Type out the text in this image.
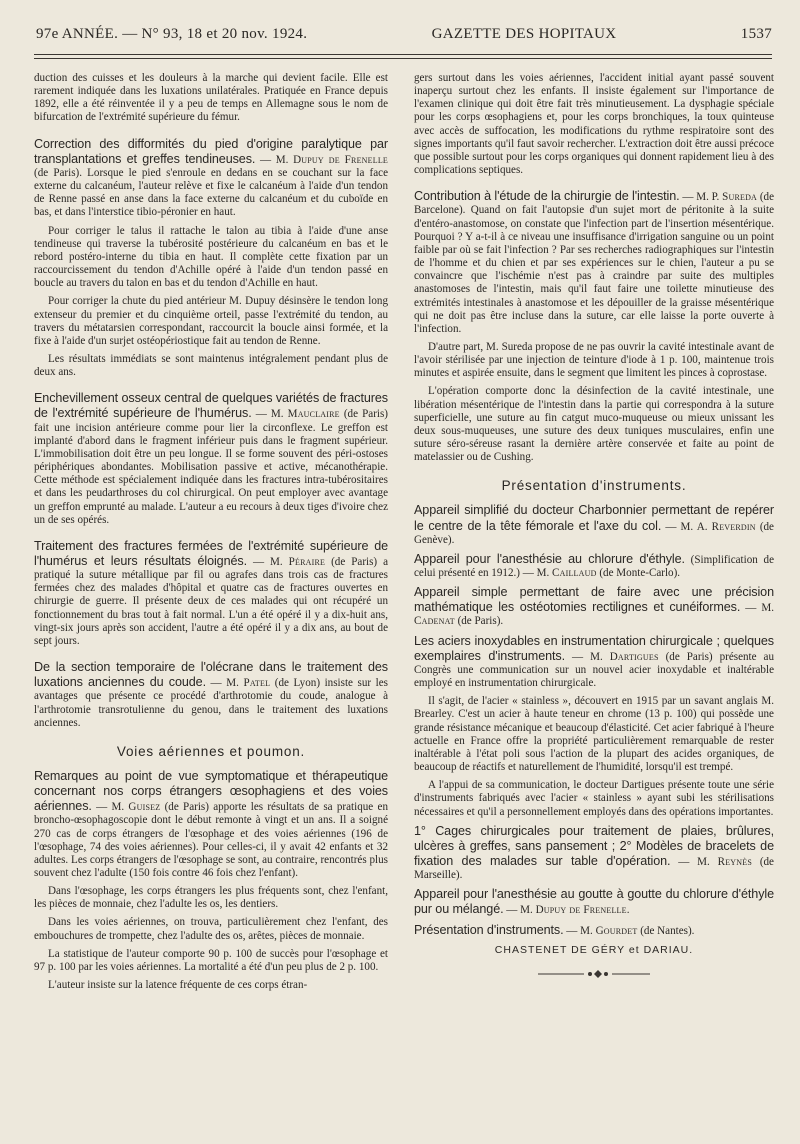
97e ANNÉE. — N° 93, 18 et 20 nov. 1924.	GAZETTE DES HOPITAUX	1537

duction des cuisses et les douleurs à la marche qui devient facile. Elle est rarement indiquée dans les luxations unilatérales. Pratiquée en France depuis 1892, elle a été réinventée il y a peu de temps en Allemagne sous le nom de bifurcation de l'extrémité supérieure du fémur.

Correction des difformités du pied d'origine paralytique par transplantations et greffes tendineuses. — M. Dupuy de Frenelle (de Paris). Lorsque le pied s'enroule en dedans en se couchant sur la face externe du calcanéum, l'auteur relève et fixe le calcanéum à l'aide d'un tendon de Renne passé en anse dans la face externe du calcanéum et du cuboïde en bas, et dans l'interstice tibio-péronier en haut.

Pour corriger le talus il rattache le talon au tibia à l'aide d'une anse tendineuse qui traverse la tubérosité postérieure du calcanéum en bas et le rebord postéro-interne du tibia en haut. Il complète cette fixation par un raccourcissement du tendon d'Achille opéré à l'aide d'un tendon passé en boucle au travers du talon en bas et du tendon d'Achille en haut.

Pour corriger la chute du pied antérieur M. Dupuy désinsère le tendon long extenseur du premier et du cinquième orteil, passe l'extrémité du tendon, au travers du métatarsien correspondant, raccourcit la boucle ainsi formée, et la fixe à l'aide d'un surjet ostéopériostique fait au tendon de Renne.

Les résultats immédiats se sont maintenus intégralement pendant plus de deux ans.

Enchevillement osseux central de quelques variétés de fractures de l'extrémité supérieure de l'humérus. — M. Mauclaire (de Paris) fait une incision antérieure comme pour lier la circonflexe. Le greffon est implanté d'abord dans le fragment inférieur puis dans le fragment supérieur. L'immobilisation doit être un peu longue. Il se forme souvent des péri-ostoses périphériques abondantes. Mobilisation passive et active, mécanothérapie. Cette méthode est spécialement indiquée dans les fractures intra-tubérositaires et dans les peudarthroses du col chirurgical. On peut employer avec avantage un greffon emprunté au malade. L'auteur a eu recours à deux tiges d'ivoire chez un de ses opérés.

Traitement des fractures fermées de l'extrémité supérieure de l'humérus et leurs résultats éloignés. — M. Péraire (de Paris) a pratiqué la suture métallique par fil ou agrafes dans trois cas de fractures fermées chez des malades d'hôpital et quatre cas de fractures ouvertes en chirurgie de guerre. Il présente deux de ces malades qui ont récupéré un fonctionnement du bras tout à fait normal. L'un a été opéré il y a dix-huit ans, vingt-six jours après son accident, l'autre a été opéré il y a dix ans, au bout de sept jours.

De la section temporaire de l'olécrane dans le traitement des luxations anciennes du coude. — M. Patel (de Lyon) insiste sur les avantages que présente ce procédé d'arthrotomie du coude, analogue à l'arthrotomie transrotulienne du genou, dans le traitement des luxations anciennes.

Voies aériennes et poumon.

Remarques au point de vue symptomatique et thérapeutique concernant nos corps étrangers œsophagiens et des voies aériennes. — M. Guisez (de Paris) apporte les résultats de sa pratique en broncho-œsophagoscopie dont le début remonte à vingt et un ans. Il a soigné 270 cas de corps étrangers de l'œsophage et des voies aériennes (196 de l'œsophage, 74 des voies aériennes). Pour celles-ci, il y avait 42 enfants et 32 adultes. Les corps étrangers de l'œsophage se sont, au contraire, rencontrés plus souvent chez l'adulte (150 fois contre 46 fois chez l'enfant).

Dans l'œsophage, les corps étrangers les plus fréquents sont, chez l'enfant, les pièces de monnaie, chez l'adulte les os, les dentiers.

Dans les voies aériennes, on trouva, particulièrement chez l'enfant, des embouchures de trompette, chez l'adulte des os, arêtes, pièces de monnaie.

La statistique de l'auteur comporte 90 p. 100 de succès pour l'œsophage et 97 p. 100 par les voies aériennes. La mortalité a été d'un peu plus de 2 p. 100.

L'auteur insiste sur la latence fréquente de ces corps étran-

gers surtout dans les voies aériennes, l'accident initial ayant passé souvent inaperçu surtout chez les enfants. Il insiste également sur l'importance de l'examen clinique qui doit être fait très minutieusement. La dysphagie spéciale pour les corps œsophagiens et, pour les corps bronchiques, la toux quinteuse avec accès de suffocation, les modifications du rythme respiratoire sont des signes importants qu'il faut savoir rechercher. L'extraction doit être aussi précoce que possible surtout pour les corps organiques qui donnent rapidement lieu à des complications septiques.

Contribution à l'étude de la chirurgie de l'intestin. — M. P. Sureda (de Barcelone). Quand on fait l'autopsie d'un sujet mort de péritonite à la suite d'entéro-anastomose, on constate que l'infection part de l'insertion mésentérique. Pourquoi ? Y a-t-il à ce niveau une insuffisance d'irrigation sanguine ou un point faible par où se fait l'infection ? Par ses recherches radiographiques sur l'intestin de l'homme et du chien et par ses expériences sur le chien, l'auteur a pu se convaincre que l'ischémie n'est pas à craindre par suite des multiples anastomoses de l'intestin, mais qu'il faut faire une toilette minutieuse des extrémités intestinales à anastomose et les dépouiller de la graisse mésentérique qui ne doit pas être incluse dans la suture, car elle laisse la porte ouverte à l'infection.

D'autre part, M. Sureda propose de ne pas ouvrir la cavité intestinale avant de l'avoir stérilisée par une injection de teinture d'iode à 1 p. 100, maintenue trois minutes et aspirée ensuite, dans le segment que limitent les pinces à coprostase.

L'opération comporte donc la désinfection de la cavité intestinale, une libération mésentérique de l'intestin dans la partie qui correspondra à la suture superficielle, une suture au fin catgut muco-muqueuse ou mieux unissant les deux sous-muqueuses, une suture des deux tuniques musculaires, enfin une suture séro-séreuse rasant la dernière artère conservée et faite au point de matelassier ou de Cushing.

Présentation d'instruments.

Appareil simplifié du docteur Charbonnier permettant de repérer le centre de la tête fémorale et l'axe du col. — M. A. Reverdin (de Genève).

Appareil pour l'anesthésie au chlorure d'éthyle. (Simplification de celui présenté en 1912.) — M. Caillaud (de Monte-Carlo).

Appareil simple permettant de faire avec une précision mathématique les ostéotomies rectilignes et cunéiformes. — M. Cadenat (de Paris).

Les aciers inoxydables en instrumentation chirurgicale ; quelques exemplaires d'instruments. — M. Dartigues (de Paris) présente au Congrès une communication sur un nouvel acier inoxydable et inaltérable employé en instrumentation chirurgicale.

Il s'agit, de l'acier « stainless », découvert en 1915 par un savant anglais M. Brearley. C'est un acier à haute teneur en chrome (13 p. 100) qui possède une grande résistance mécanique et beaucoup d'élasticité. Cet acier fabriqué à l'heure actuelle en France offre la propriété particulièrement remarquable de rester inaltérable à l'état poli sous l'action de la plupart des acides organiques, de beaucoup de réactifs et naturellement de l'humidité, lorsqu'il est trempé.

A l'appui de sa communication, le docteur Dartigues présente toute une série d'instruments fabriqués avec l'acier « stainless » ayant subi les stérilisations nécessaires et qu'il a personnellement employés dans des opérations importantes.

1° Cages chirurgicales pour traitement de plaies, brûlures, ulcères à greffes, sans pansement ; 2° Modèles de bracelets de fixation des malades sur table d'opération. — M. Reynès (de Marseille).

Appareil pour l'anesthésie au goutte à goutte du chlorure d'éthyle pur ou mélangé. — M. Dupuy de Frenelle.

Présentation d'instruments. — M. Gourdet (de Nantes).

CHASTENET DE GÉRY et DARIAU.
